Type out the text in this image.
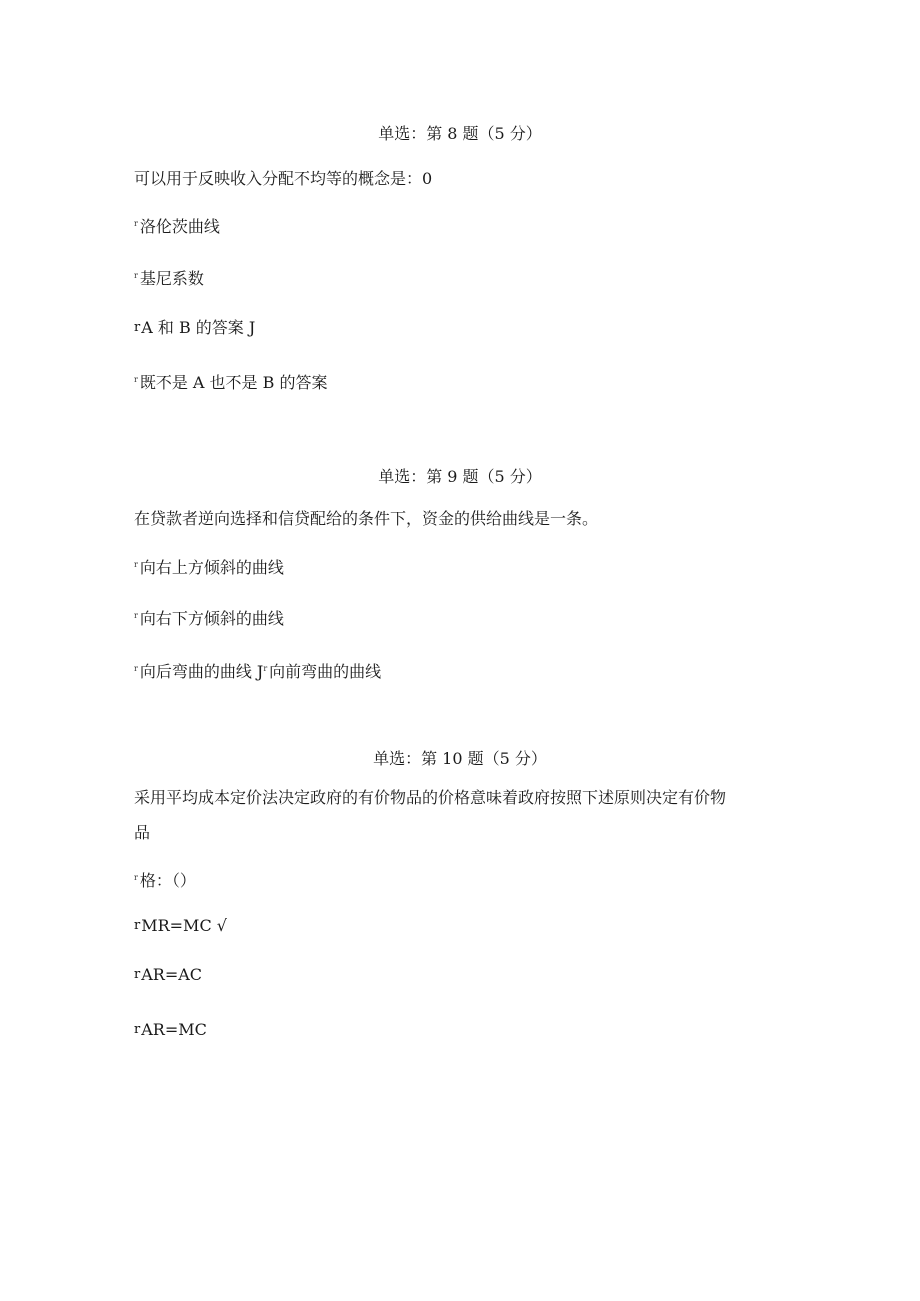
单选：第 8 题（5 分）
可以用于反映收入分配不均等的概念是：0
$^r$ 洛伦茨曲线
$^r$ 基尼系数
rA 和 B 的答案 J
$^r$ 既不是 A 也不是 B 的答案
单选：第 9 题（5 分）
在贷款者逆向选择和信贷配给的条件下，资金的供给曲线是一条。
$^r$ 向右上方倾斜的曲线
$^r$ 向右下方倾斜的曲线
$^r$ 向后弯曲的曲线 $J^r$ 向前弯曲的曲线
单选：第 10 题（5 分）
采用平均成本定价法决定政府的有价物品的价格意味着政府按照下述原则决定有价物
品
$^r$ 格：（）
rMR=MC √
rAR=AC
rAR=MC
